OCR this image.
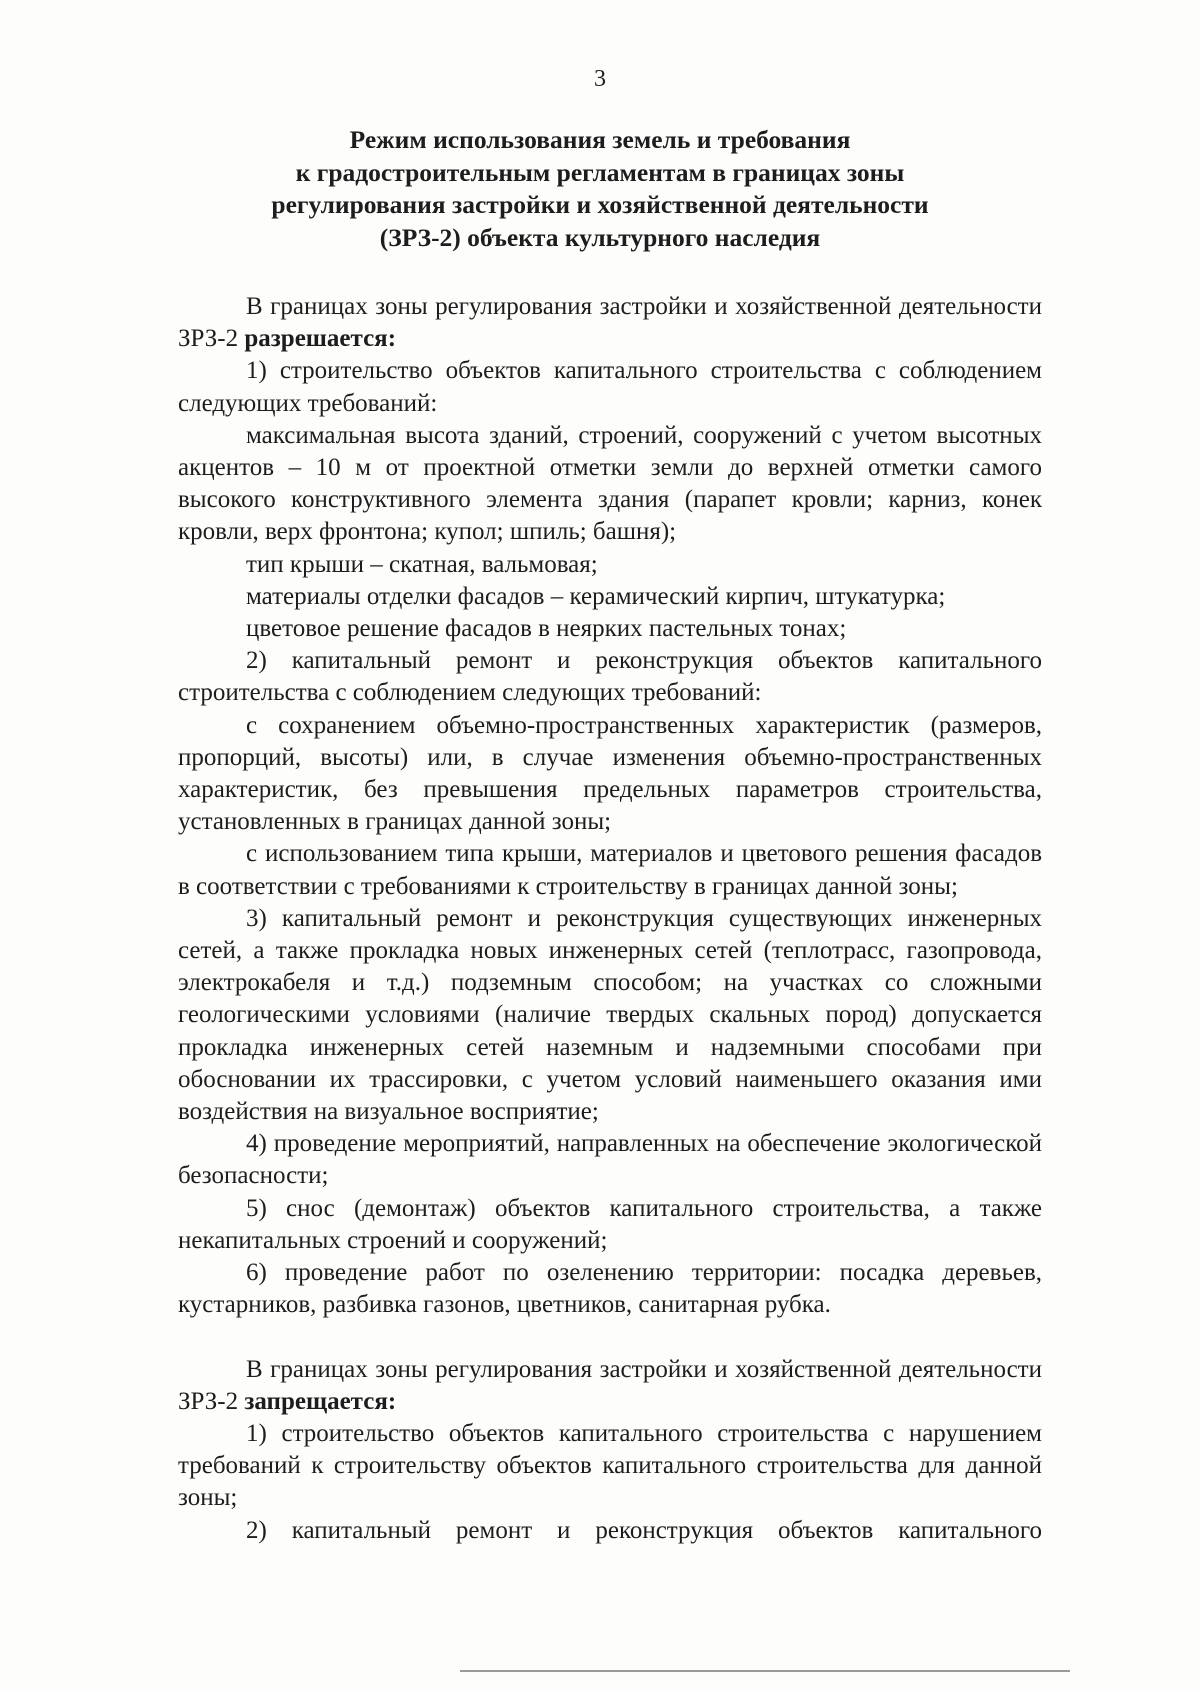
3
Режим использования земель и требования
к градостроительным регламентам в границах зоны
регулирования застройки и хозяйственной деятельности
(ЗРЗ-2) объекта культурного наследия
В границах зоны регулирования застройки и хозяйственной деятельности ЗРЗ-2 разрешается:
1) строительство объектов капитального строительства с соблюдением следующих требований:
максимальная высота зданий, строений, сооружений с учетом высотных акцентов – 10 м от проектной отметки земли до верхней отметки самого высокого конструктивного элемента здания (парапет кровли; карниз, конек кровли, верх фронтона; купол; шпиль; башня);
тип крыши – скатная, вальмовая;
материалы отделки фасадов – керамический кирпич, штукатурка;
цветовое решение фасадов в неярких пастельных тонах;
2) капитальный ремонт и реконструкция объектов капитального строительства с соблюдением следующих требований:
с сохранением объемно-пространственных характеристик (размеров, пропорций, высоты) или, в случае изменения объемно-пространственных характеристик, без превышения предельных параметров строительства, установленных в границах данной зоны;
с использованием типа крыши, материалов и цветового решения фасадов в соответствии с требованиями к строительству в границах данной зоны;
3) капитальный ремонт и реконструкция существующих инженерных сетей, а также прокладка новых инженерных сетей (теплотрасс, газопровода, электрокабеля и т.д.) подземным способом; на участках со сложными геологическими условиями (наличие твердых скальных пород) допускается прокладка инженерных сетей наземным и надземными способами при обосновании их трассировки, с учетом условий наименьшего оказания ими воздействия на визуальное восприятие;
4) проведение мероприятий, направленных на обеспечение экологической безопасности;
5) снос (демонтаж) объектов капитального строительства, а также некапитальных строений и сооружений;
6) проведение работ по озеленению территории: посадка деревьев, кустарников, разбивка газонов, цветников, санитарная рубка.
В границах зоны регулирования застройки и хозяйственной деятельности ЗРЗ-2 запрещается:
1) строительство объектов капитального строительства с нарушением требований к строительству объектов капитального строительства для данной зоны;
2) капитальный ремонт и реконструкция объектов капитального
